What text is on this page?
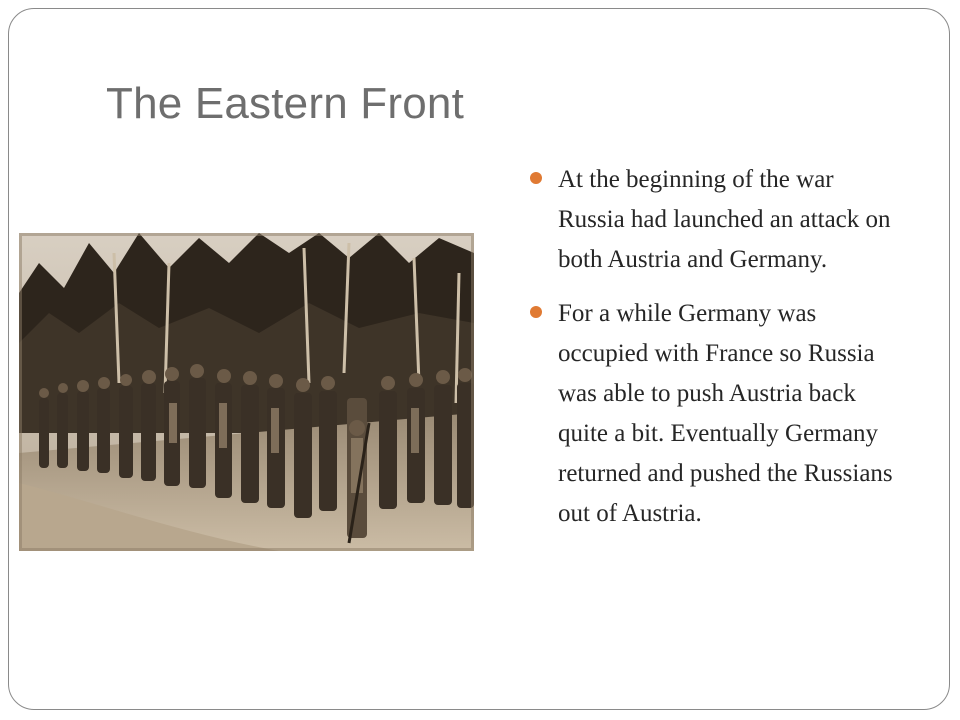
The Eastern Front
At the beginning of the war Russia had launched an attack on both Austria and Germany.
For a while Germany was occupied with France so Russia was able to push Austria back quite a bit. Eventually Germany returned and pushed the Russians out of Austria.
